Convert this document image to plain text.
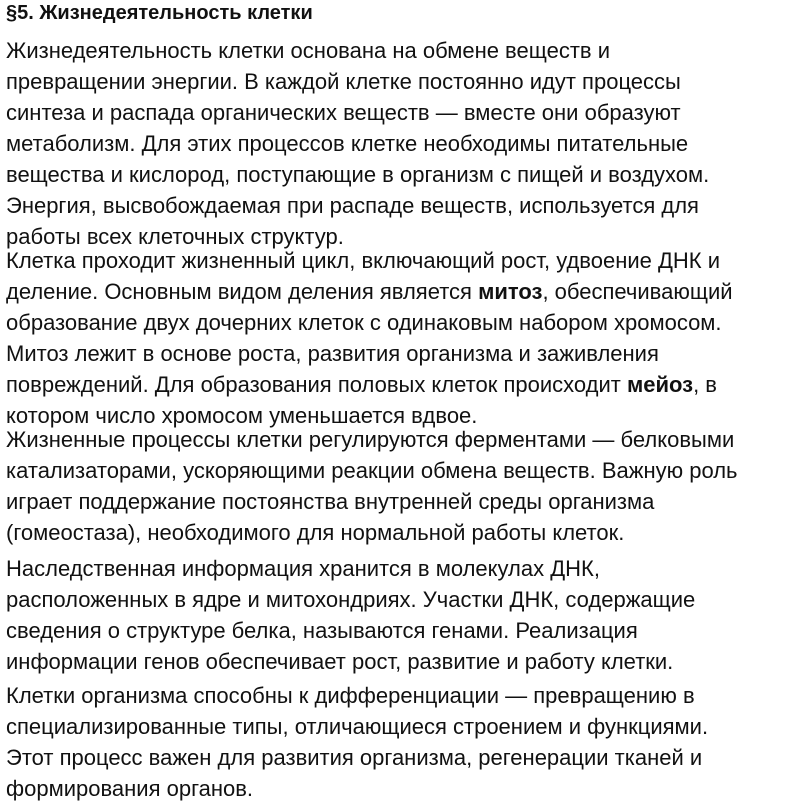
§5. Жизнедеятельность клетки
Жизнедеятельность клетки основана на обмене веществ и
превращении энергии. В каждой клетке постоянно идут процессы
синтеза и распада органических веществ — вместе они образуют
метаболизм. Для этих процессов клетке необходимы питательные
вещества и кислород, поступающие в организм с пищей и воздухом.
Энергия, высвобождаемая при распаде веществ, используется для
работы всех клеточных структур.
Клетка проходит жизненный цикл, включающий рост, удвоение ДНК и
деление. Основным видом деления является митоз, обеспечивающий
образование двух дочерних клеток с одинаковым набором хромосом.
Митоз лежит в основе роста, развития организма и заживления
повреждений. Для образования половых клеток происходит мейоз, в
котором число хромосом уменьшается вдвое.
Жизненные процессы клетки регулируются ферментами — белковыми
катализаторами, ускоряющими реакции обмена веществ. Важную роль
играет поддержание постоянства внутренней среды организма
(гомеостаза), необходимого для нормальной работы клеток.
Наследственная информация хранится в молекулах ДНК,
расположенных в ядре и митохондриях. Участки ДНК, содержащие
сведения о структуре белка, называются генами. Реализация
информации генов обеспечивает рост, развитие и работу клетки.
Клетки организма способны к дифференциации — превращению в
специализированные типы, отличающиеся строением и функциями.
Этот процесс важен для развития организма, регенерации тканей и
формирования органов.
